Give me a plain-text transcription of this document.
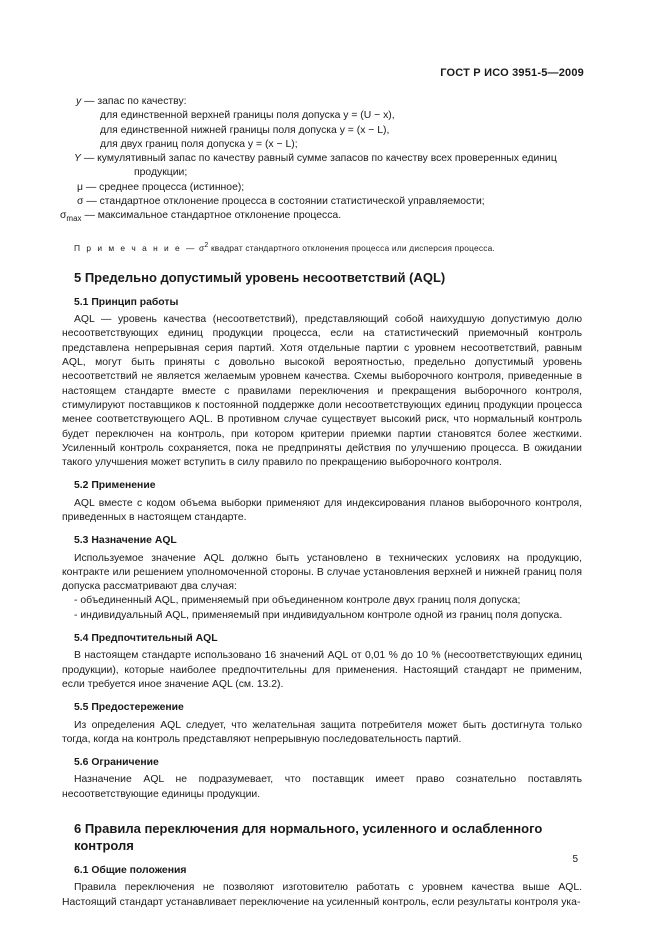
ГОСТ Р ИСО 3951-5—2009
y — запас по качеству:
для единственной верхней границы поля допуска y = (U − x),
для единственной нижней границы поля допуска y = (x − L),
для двух границ поля допуска y = (x − L);
Y — кумулятивный запас по качеству равный сумме запасов по качеству всех проверенных единиц продукции;
μ — среднее процесса (истинное);
σ — стандартное отклонение процесса в состоянии статистической управляемости;
$\sigma_{max}$ — максимальное стандартное отклонение процесса.
П р и м е ч а н и е — $\sigma^2$ квадрат стандартного отклонения процесса или дисперсия процесса.
5 Предельно допустимый уровень несоответствий (AQL)
5.1 Принцип работы

AQL — уровень качества (несоответствий), представляющий собой наихудшую допустимую долю несоответствующих единиц продукции процесса, если на статистический приемочный контроль представлена непрерывная серия партий. Хотя отдельные партии с уровнем несоответствий, равным AQL, могут быть приняты с довольно высокой вероятностью, предельно допустимый уровень несоответствий не является желаемым уровнем качества. Схемы выборочного контроля, приведенные в настоящем стандарте вместе с правилами переключения и прекращения выборочного контроля, стимулируют поставщиков к постоянной поддержке доли несоответствующих единиц продукции процесса менее соответствующего AQL. В противном случае существует высокий риск, что нормальный контроль будет переключен на контроль, при котором критерии приемки партии становятся более жесткими. Усиленный контроль сохраняется, пока не предприняты действия по улучшению процесса. В ожидании такого улучшения может вступить в силу правило по прекращению выборочного контроля.

5.2 Применение

AQL вместе с кодом объема выборки применяют для индексирования планов выборочного контроля, приведенных в настоящем стандарте.

5.3 Назначение AQL

Используемое значение AQL должно быть установлено в технических условиях на продукцию, контракте или решением уполномоченной стороны. В случае установления верхней и нижней границ поля допуска рассматривают два случая:

- объединенный AQL, применяемый при объединенном контроле двух границ поля допуска;
- индивидуальный AQL, применяемый при индивидуальном контроле одной из границ поля допуска.
5.4 Предпочтительный AQL

В настоящем стандарте использовано 16 значений AQL от 0,01 % до 10 % (несоответствующих единиц продукции), которые наиболее предпочтительны для применения. Настоящий стандарт не применим, если требуется иное значение AQL (см. 13.2).

5.5 Предостережение

Из определения AQL следует, что желательная защита потребителя может быть достигнута только тогда, когда на контроль представляют непрерывную последовательность партий.

5.6 Ограничение

Назначение AQL не подразумевает, что поставщик имеет право сознательно поставлять несоответствующие единицы продукции.

6 Правила переключения для нормального, усиленного и ослабленного контроля
6.1 Общие положения

Правила переключения не позволяют изготовителю работать с уровнем качества выше AQL. Настоящий стандарт устанавливает переключение на усиленный контроль, если результаты контроля ука-

5
